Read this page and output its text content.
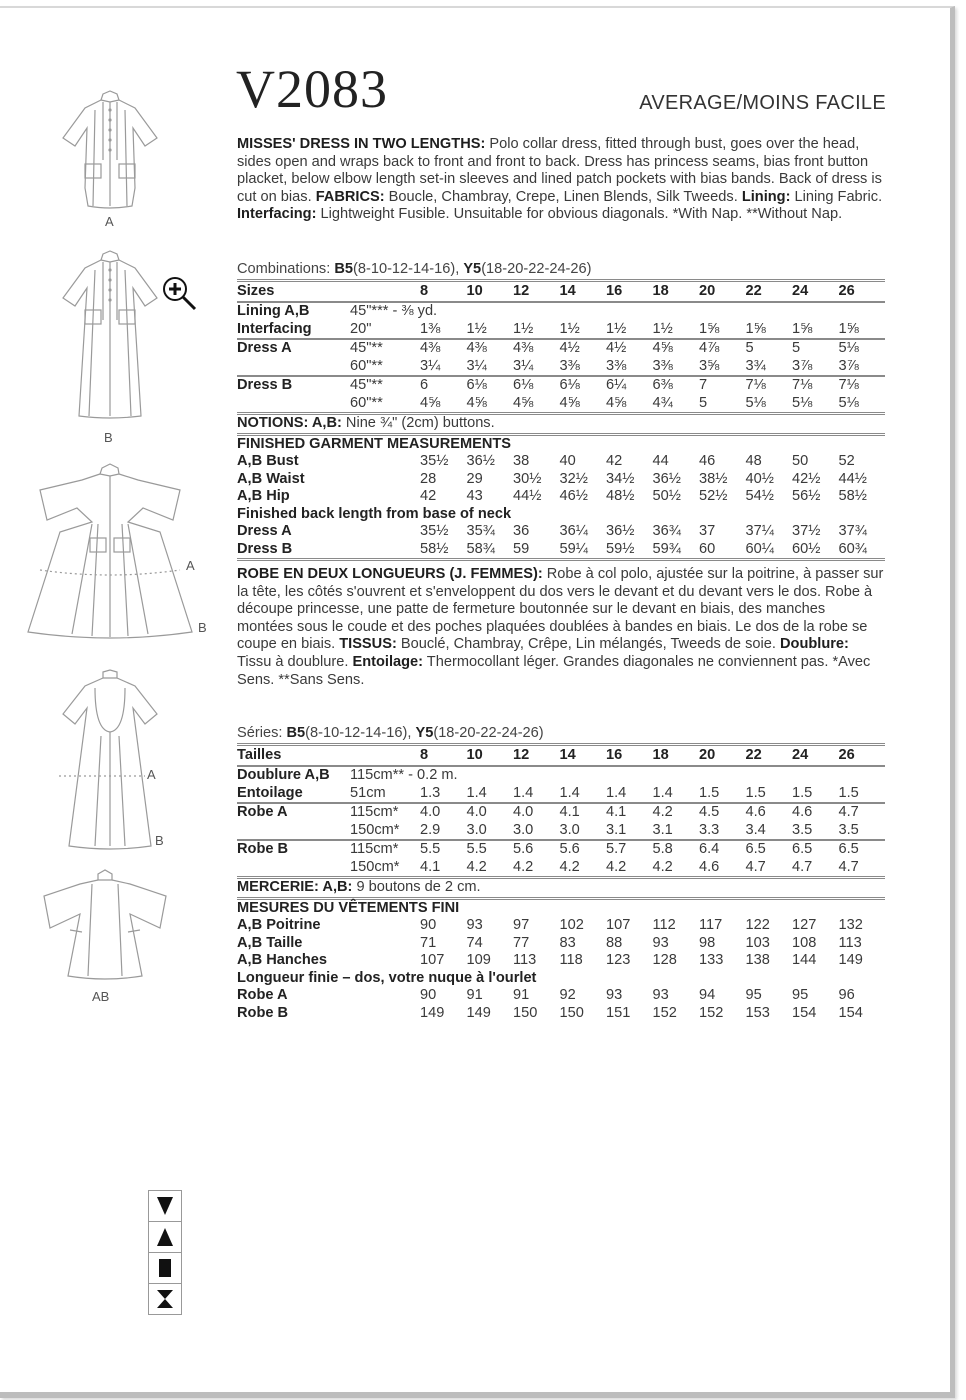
V2083	AVERAGE/MOINS FACILE
MISSES' DRESS IN TWO LENGTHS: Polo collar dress, fitted through bust, goes over the head, sides open and wraps back to front and front to back. Dress has princess seams, bias front button placket, below elbow length set-in sleeves and lined patch pockets with bias bands. Back of dress is cut on bias. FABRICS: Boucle, Chambray, Crepe, Linen Blends, Silk Tweeds. Lining: Lining Fabric. Interfacing: Lightweight Fusible. Unsuitable for obvious diagonals. *With Nap. **Without Nap.
Combinations: B5(8-10-12-14-16), Y5(18-20-22-24-26)
Sizes		8	10	12	14	16	18	20	22	24	26
Lining A,B	45"*** - ⅜ yd.										
Interfacing	20"	1⅜	1½	1½	1½	1½	1½	1⅝	1⅝	1⅝	1⅝
Dress A	45"**	4⅜	4⅜	4⅜	4½	4½	4⅝	4⅞	5	5	5⅛
	60"**	3¼	3¼	3¼	3⅜	3⅜	3⅜	3⅝	3¾	3⅞	3⅞
Dress B	45"**	6	6⅛	6⅛	6⅛	6¼	6⅜	7	7⅛	7⅛	7⅛
	60"**	4⅝	4⅝	4⅝	4⅝	4⅝	4¾	5	5⅛	5⅛	5⅛
NOTIONS: A,B: Nine ¾" (2cm) buttons.											
FINISHED GARMENT MEASUREMENTS											
A,B Bust		35½	36½	38	40	42	44	46	48	50	52
A,B Waist		28	29	30½	32½	34½	36½	38½	40½	42½	44½
A,B Hip		42	43	44½	46½	48½	50½	52½	54½	56½	58½
Finished back length from base of neck											
Dress A		35½	35¾	36	36¼	36½	36¾	37	37¼	37½	37¾
Dress B		58½	58¾	59	59¼	59½	59¾	60	60¼	60½	60¾
ROBE EN DEUX LONGUEURS (J. FEMMES): Robe à col polo, ajustée sur la poitrine, à passer sur la tête, les côtés s'ouvrent et s'enveloppent du dos vers le devant et du devant vers le dos. Robe à découpe princesse, une patte de fermeture boutonnée sur le devant en biais, des manches montées sous le coude et des poches plaquées doublées à bandes en biais. Le dos de la robe se coupe en biais. TISSUS: Bouclé, Chambray, Crêpe, Lin mélangés, Tweeds de soie. Doublure: Tissu à doublure. Entoilage: Thermocollant léger. Grandes diagonales ne conviennent pas. *Avec Sens. **Sans Sens.
Séries: B5(8-10-12-14-16), Y5(18-20-22-24-26)
Tailles		8	10	12	14	16	18	20	22	24	26
Doublure A,B	115cm** - 0.2 m.										
Entoilage	51cm	1.3	1.4	1.4	1.4	1.4	1.4	1.5	1.5	1.5	1.5
Robe A	115cm*	4.0	4.0	4.0	4.1	4.1	4.2	4.5	4.6	4.6	4.7
	150cm*	2.9	3.0	3.0	3.0	3.1	3.1	3.3	3.4	3.5	3.5
Robe B	115cm*	5.5	5.5	5.6	5.6	5.7	5.8	6.4	6.5	6.5	6.5
	150cm*	4.1	4.2	4.2	4.2	4.2	4.2	4.6	4.7	4.7	4.7
MERCERIE: A,B: 9 boutons de 2 cm.											
MESURES DU VÊTEMENTS FINI											
A,B Poitrine		90	93	97	102	107	112	117	122	127	132
A,B Taille		71	74	77	83	88	93	98	103	108	113
A,B Hanches		107	109	113	118	123	128	133	138	144	149
Longueur finie – dos, votre nuque à l'ourlet											
Robe A		90	91	91	92	93	93	94	95	95	96
Robe B		149	149	150	150	151	152	152	153	154	154
A
B
A
B
A
B
AB
